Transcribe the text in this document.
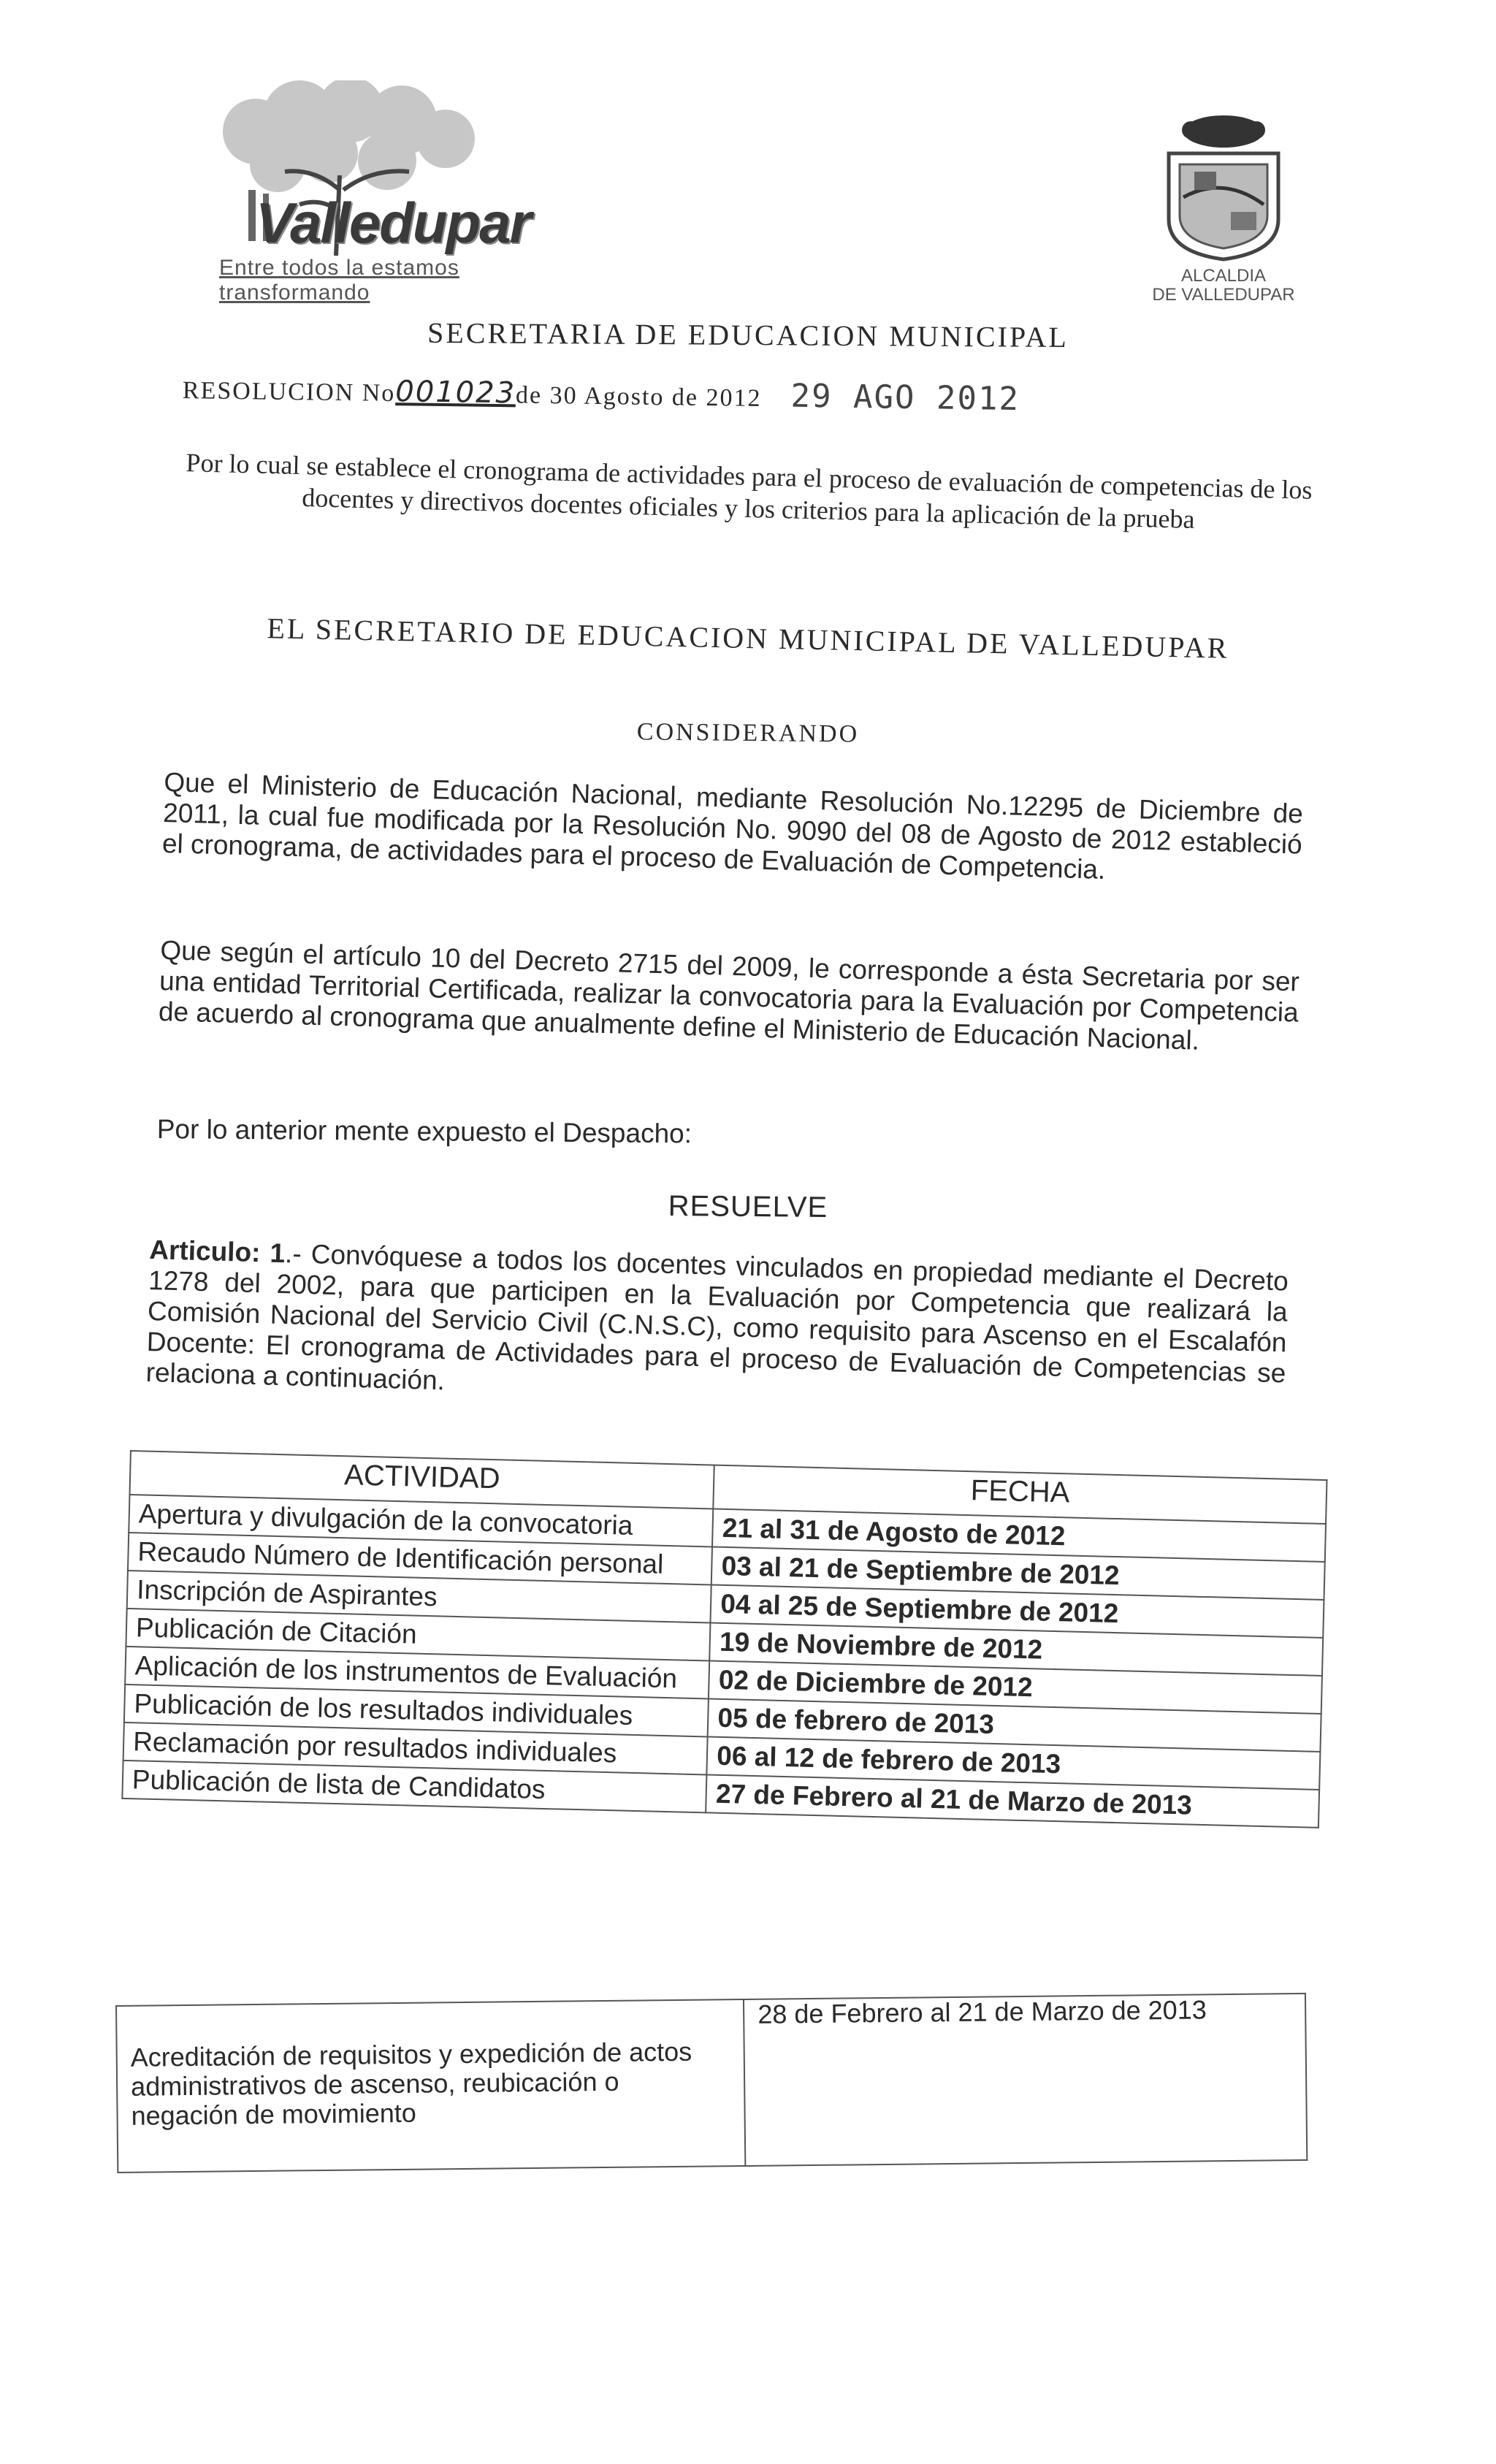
Valledupar
Entre todos la estamos transformando
ALCALDIA
DE VALLEDUPAR
SECRETARIA DE EDUCACION MUNICIPAL
RESOLUCION No001023de 30 Agosto de 2012 29 AGO 2012
Por lo cual se establece el cronograma de actividades para el proceso de evaluación de competencias de los docentes y directivos docentes oficiales y los criterios para la aplicación de la prueba
EL SECRETARIO DE EDUCACION MUNICIPAL DE VALLEDUPAR
CONSIDERANDO
Que el Ministerio de Educación Nacional, mediante Resolución No.12295 de Diciembre de 2011, la cual fue modificada por la Resolución No. 9090 del 08 de Agosto de 2012 estableció el cronograma, de actividades para el proceso de Evaluación de Competencia.
Que según el artículo 10 del Decreto 2715 del 2009, le corresponde a ésta Secretaria por ser una entidad Territorial Certificada, realizar la convocatoria para la Evaluación por Competencia de acuerdo al cronograma que anualmente define el Ministerio de Educación Nacional.
Por lo anterior mente expuesto el Despacho:
RESUELVE
Articulo: 1.- Convóquese a todos los docentes vinculados en propiedad mediante el Decreto 1278 del 2002, para que participen en la Evaluación por Competencia que realizará la Comisión Nacional del Servicio Civil (C.N.S.C), como requisito para Ascenso en el Escalafón Docente: El cronograma de Actividades para el proceso de Evaluación de Competencias se relaciona a continuación.
ACTIVIDAD	FECHA
Apertura y divulgación de la convocatoria	21 al 31 de Agosto de 2012
Recaudo Número de Identificación personal	03 al 21 de Septiembre de 2012
Inscripción de Aspirantes	04 al 25 de Septiembre de 2012
Publicación de Citación	19 de Noviembre de 2012
Aplicación de los instrumentos de Evaluación	02 de Diciembre de 2012
Publicación de los resultados individuales	05 de febrero de 2013
Reclamación por resultados individuales	06 al 12 de febrero de 2013
Publicación de lista de Candidatos	27 de Febrero al 21 de Marzo de 2013
Acreditación de requisitos y expedición de actos administrativos de ascenso, reubicación o negación de movimiento	28 de Febrero al 21 de Marzo de 2013
